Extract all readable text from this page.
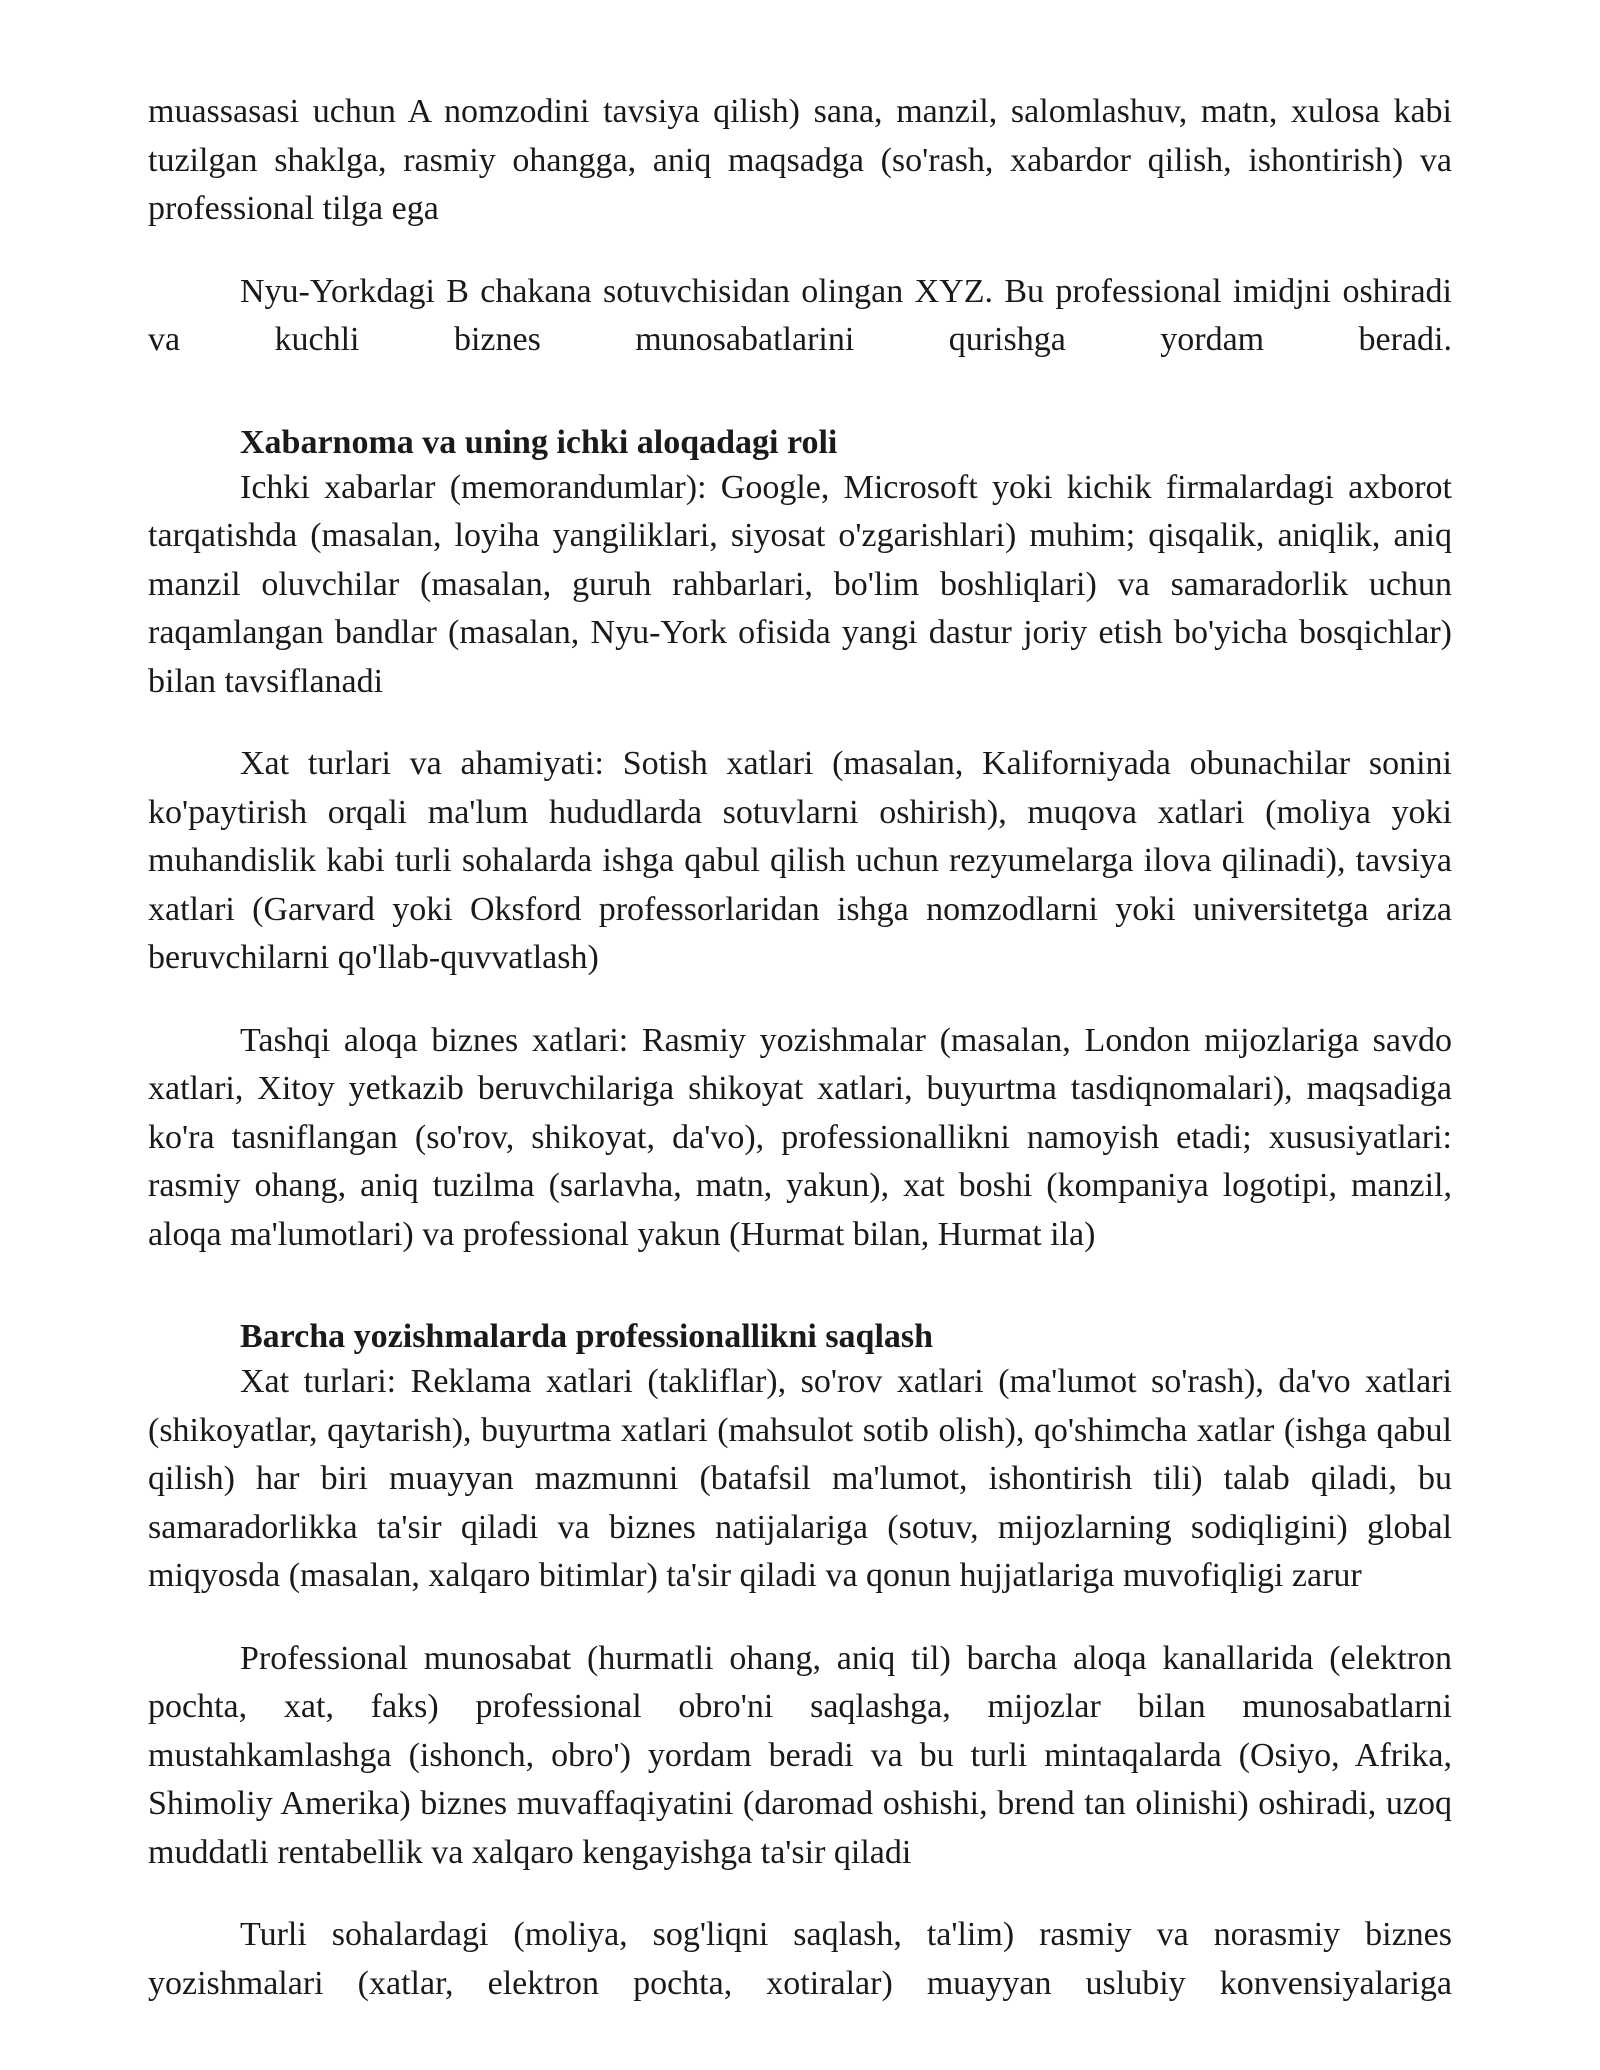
muassasasi uchun A nomzodini tavsiya qilish) sana, manzil, salomlashuv, matn, xulosa kabi tuzilgan shaklga, rasmiy ohangga, aniq maqsadga (so'rash, xabardor qilish, ishontirish) va professional tilga ega

Nyu-Yorkdagi B chakana sotuvchisidan olingan XYZ. Bu professional imidjni oshiradi va kuchli biznes munosabatlarini qurishga yordam beradi.

Xabarnoma va uning ichki aloqadagi roli

Ichki xabarlar (memorandumlar): Google, Microsoft yoki kichik firmalardagi axborot tarqatishda (masalan, loyiha yangiliklari, siyosat o'zgarishlari) muhim; qisqalik, aniqlik, aniq manzil oluvchilar (masalan, guruh rahbarlari, bo'lim boshliqlari) va samaradorlik uchun raqamlangan bandlar (masalan, Nyu-York ofisida yangi dastur joriy etish bo'yicha bosqichlar) bilan tavsiflanadi

Xat turlari va ahamiyati: Sotish xatlari (masalan, Kaliforniyada obunachilar sonini ko'paytirish orqali ma'lum hududlarda sotuvlarni oshirish), muqova xatlari (moliya yoki muhandislik kabi turli sohalarda ishga qabul qilish uchun rezyumelarga ilova qilinadi), tavsiya xatlari (Garvard yoki Oksford professorlaridan ishga nomzodlarni yoki universitetga ariza beruvchilarni qo'llab-quvvatlash)

Tashqi aloqa biznes xatlari: Rasmiy yozishmalar (masalan, London mijozlariga savdo xatlari, Xitoy yetkazib beruvchilariga shikoyat xatlari, buyurtma tasdiqnomalari), maqsadiga ko'ra tasniflangan (so'rov, shikoyat, da'vo), professionallikni namoyish etadi; xususiyatlari: rasmiy ohang, aniq tuzilma (sarlavha, matn, yakun), xat boshi (kompaniya logotipi, manzil, aloqa ma'lumotlari) va professional yakun (Hurmat bilan, Hurmat ila)

Barcha yozishmalarda professionallikni saqlash

Xat turlari: Reklama xatlari (takliflar), so'rov xatlari (ma'lumot so'rash), da'vo xatlari (shikoyatlar, qaytarish), buyurtma xatlari (mahsulot sotib olish), qo'shimcha xatlar (ishga qabul qilish) har biri muayyan mazmunni (batafsil ma'lumot, ishontirish tili) talab qiladi, bu samaradorlikka ta'sir qiladi va biznes natijalariga (sotuv, mijozlarning sodiqligini) global miqyosda (masalan, xalqaro bitimlar) ta'sir qiladi va qonun hujjatlariga muvofiqligi zarur

Professional munosabat (hurmatli ohang, aniq til) barcha aloqa kanallarida (elektron pochta, xat, faks) professional obro'ni saqlashga, mijozlar bilan munosabatlarni mustahkamlashga (ishonch, obro') yordam beradi va bu turli mintaqalarda (Osiyo, Afrika, Shimoliy Amerika) biznes muvaffaqiyatini (daromad oshishi, brend tan olinishi) oshiradi, uzoq muddatli rentabellik va xalqaro kengayishga ta'sir qiladi

Turli sohalardagi (moliya, sog'liqni saqlash, ta'lim) rasmiy va norasmiy biznes yozishmalari (xatlar, elektron pochta, xotiralar) muayyan uslubiy konvensiyalariga
